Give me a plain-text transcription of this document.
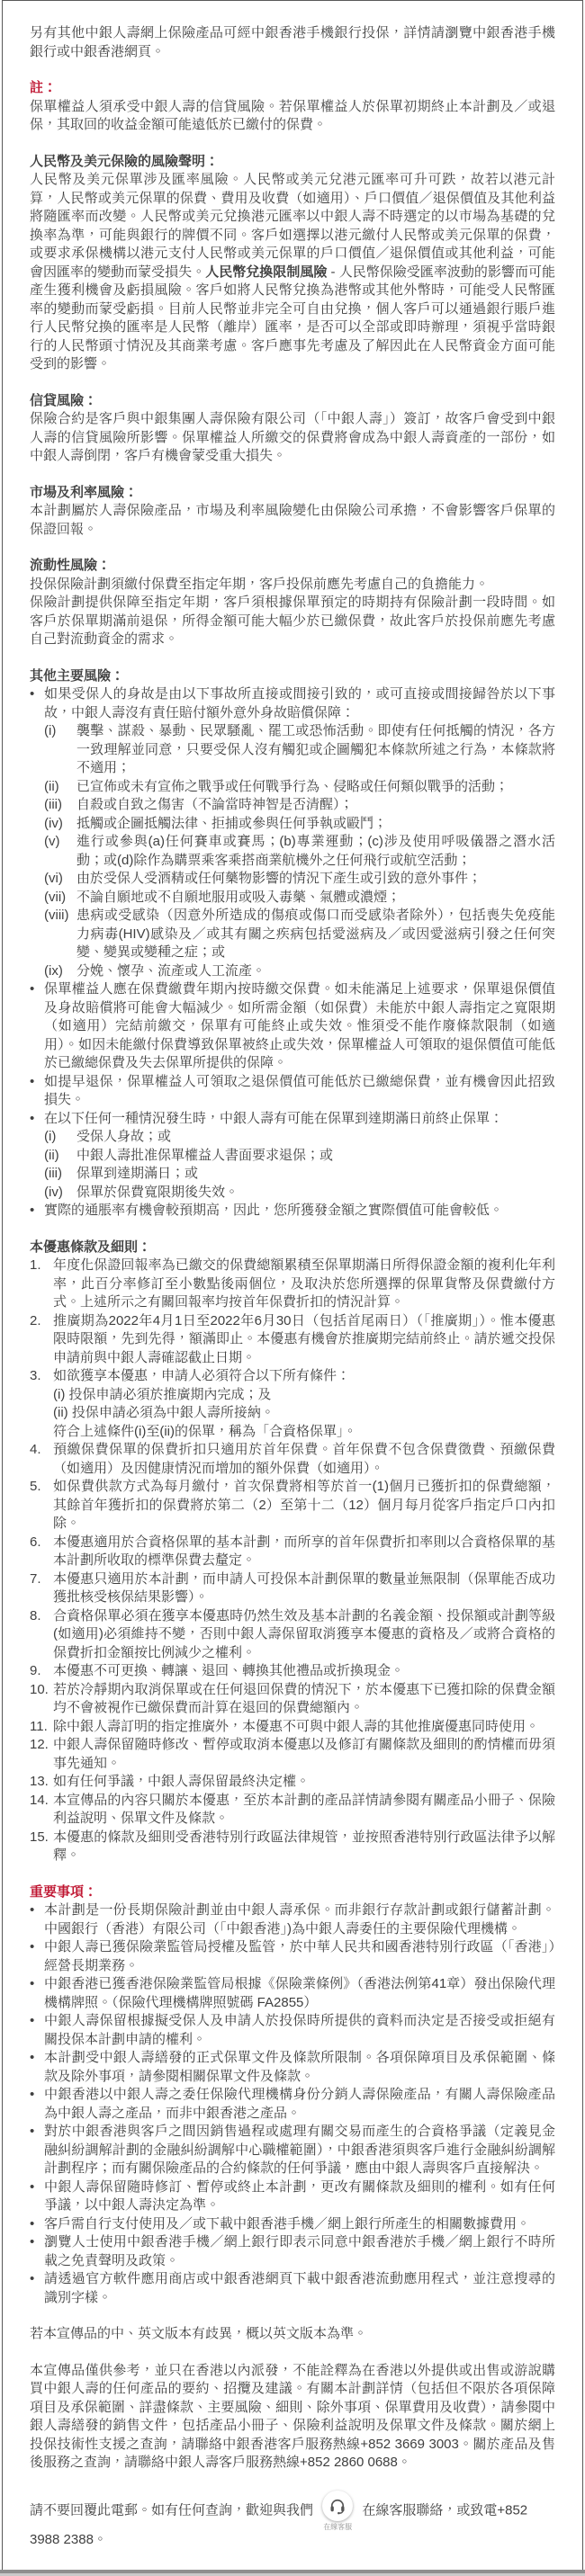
另有其他中銀人壽網上保險產品可經中銀香港手機銀行投保，詳情請瀏覽中銀香港手機銀行或中銀香港網頁。
註：
保單權益人須承受中銀人壽的信貸風險。若保單權益人於保單初期終止本計劃及／或退保，其取回的收益金額可能遠低於已繳付的保費。
人民幣及美元保險的風險聲明：
人民幣及美元保單涉及匯率風險。人民幣或美元兌港元匯率可升可跌，故若以港元計算，人民幣或美元保單的保費、費用及收費（如適用）、戶口價值／退保價值及其他利益將隨匯率而改變。人民幣或美元兌換港元匯率以中銀人壽不時選定的以市場為基礎的兌換率為準，可能與銀行的牌價不同。客戶如選擇以港元繳付人民幣或美元保單的保費，或要求承保機構以港元支付人民幣或美元保單的戶口價值／退保價值或其他利益，可能會因匯率的變動而蒙受損失。人民幣兌換限制風險 - 人民幣保險受匯率波動的影響而可能產生獲利機會及虧損風險。客戶如將人民幣兌換為港幣或其他外幣時，可能受人民幣匯率的變動而蒙受虧損。目前人民幣並非完全可自由兌換，個人客戶可以通過銀行賬戶進行人民幣兌換的匯率是人民幣（離岸）匯率，是否可以全部或即時辦理，須視乎當時銀行的人民幣頭寸情況及其商業考慮。客戶應事先考慮及了解因此在人民幣資金方面可能受到的影響。
信貸風險：
保險合約是客戶與中銀集團人壽保險有限公司（「中銀人壽」）簽訂，故客戶會受到中銀人壽的信貸風險所影響。保單權益人所繳交的保費將會成為中銀人壽資產的一部份，如中銀人壽倒閉，客戶有機會蒙受重大損失。
市場及利率風險：
本計劃屬於人壽保險產品，市場及利率風險變化由保險公司承擔，不會影響客戶保單的保證回報。
流動性風險：
投保保險計劃須繳付保費至指定年期，客戶投保前應先考慮自己的負擔能力。
保險計劃提供保障至指定年期，客戶須根據保單預定的時期持有保險計劃一段時間。如客戶於保單期滿前退保，所得金額可能大幅少於已繳保費，故此客戶於投保前應先考慮自己對流動資金的需求。
其他主要風險：
• 如果受保人的身故是由以下事故所直接或間接引致的，或可直接或間接歸咎於以下事故，中銀人壽沒有責任賠付額外意外身故賠償保障：
(i)	襲擊、謀殺、暴動、民眾騷亂、罷工或恐怖活動。即使有任何抵觸的情況，各方一致理解並同意，只要受保人沒有觸犯或企圖觸犯本條款所述之行為，本條款將不適用；
(ii)	已宣佈或未有宣佈之戰爭或任何戰爭行為、侵略或任何類似戰爭的活動；
(iii)	自殺或自致之傷害（不論當時神智是否清醒）；
(iv)	抵觸或企圖抵觸法律、拒捕或參與任何爭執或毆鬥；
(v)	進行或參與(a)任何賽車或賽馬；(b)專業運動；(c)涉及使用呼吸儀器之潛水活動；或(d)除作為購票乘客乘搭商業航機外之任何飛行或航空活動；
(vi)	由於受保人受酒精或任何藥物影響的情況下產生或引致的意外事件；
(vii) 不論自願地或不自願地服用或吸入毒藥、氣體或濃煙；
(viii) 患病或受感染（因意外所造成的傷痕或傷口而受感染者除外），包括喪失免疫能力病毒(HIV)感染及／或其有關之疾病包括愛滋病及／或因愛滋病引發之任何突變、變異或變種之症；或
(ix)	分娩、懷孕、流產或人工流產。
• 保單權益人應在保費繳費年期內按時繳交保費。如未能滿足上述要求，保單退保價值及身故賠償將可能會大幅減少。如所需金額（如保費）未能於中銀人壽指定之寬限期（如適用）完結前繳交，保單有可能終止或失效。惟須受不能作廢條款限制（如適用）。如因未能繳付保費導致保單被終止或失效，保單權益人可領取的退保價值可能低於已繳總保費及失去保單所提供的保障。
• 如提早退保，保單權益人可領取之退保價值可能低於已繳總保費，並有機會因此招致損失。
• 在以下任何一種情況發生時，中銀人壽有可能在保單到達期滿日前終止保單：
(i)	受保人身故；或
(ii)	中銀人壽批准保單權益人書面要求退保；或
(iii)	保單到達期滿日；或
(iv)	保單於保費寬限期後失效。
• 實際的通脹率有機會較預期高，因此，您所獲發金額之實際價值可能會較低。
本優惠條款及細則：
1. 年度化保證回報率為已繳交的保費總額累積至保單期滿日所得保證金額的複利化年利率，此百分率修訂至小數點後兩個位，及取決於您所選擇的保單貨幣及保費繳付方式。上述所示之有關回報率均按首年保費折扣的情況計算。
2. 推廣期為2022年4月1日至2022年6月30日（包括首尾兩日）（「推廣期」）。惟本優惠限時限額，先到先得，額滿即止。本優惠有機會於推廣期完結前終止。請於遞交投保申請前與中銀人壽確認截止日期。
3. 如欲獲享本優惠，申請人必須符合以下所有條件：
(i) 投保申請必須於推廣期內完成；及
(ii) 投保申請必須為中銀人壽所接納。
符合上述條件(i)至(ii)的保單，稱為「合資格保單」。
4. 預繳保費保單的保費折扣只適用於首年保費。首年保費不包含保費徵費、預繳保費（如適用）及因健康情況而增加的額外保費（如適用）。
5. 如保費供款方式為每月繳付，首次保費將相等於首一(1)個月已獲折扣的保費總額，其餘首年獲折扣的保費將於第二（2）至第十二（12）個月每月從客戶指定戶口內扣除。
6. 本優惠適用於合資格保單的基本計劃，而所享的首年保費折扣率則以合資格保單的基本計劃所收取的標準保費去釐定。
7. 本優惠只適用於本計劃，而申請人可投保本計劃保單的數量並無限制（保單能否成功獲批核受核保結果影響）。
8. 合資格保單必須在獲享本優惠時仍然生效及基本計劃的名義金額、投保額或計劃等級(如適用)必須維持不變，否則中銀人壽保留取消獲享本優惠的資格及／或將合資格的保費折扣金額按比例減少之權利。
9. 本優惠不可更換、轉讓、退回、轉換其他禮品或折換現金。
10. 若於冷靜期內取消保單或在任何退回保費的情況下，於本優惠下已獲扣除的保費金額均不會被視作已繳保費而計算在退回的保費總額內。
11. 除中銀人壽訂明的指定推廣外，本優惠不可與中銀人壽的其他推廣優惠同時使用。
12. 中銀人壽保留隨時修改、暫停或取消本優惠以及修訂有關條款及細則的酌情權而毋須事先通知。
13. 如有任何爭議，中銀人壽保留最終決定權。
14. 本宣傳品的內容只關於本優惠，至於本計劃的產品詳情請參閱有關產品小冊子、保險利益說明、保單文件及條款。
15. 本優惠的條款及細則受香港特別行政區法律規管，並按照香港特別行政區法律予以解釋。
重要事項：
• 本計劃是一份長期保險計劃並由中銀人壽承保。而非銀行存款計劃或銀行儲蓄計劃。中國銀行（香港）有限公司（「中銀香港」)為中銀人壽委任的主要保險代理機構。
• 中銀人壽已獲保險業監管局授權及監管，於中華人民共和國香港特別行政區（「香港」）經營長期業務。
• 中銀香港已獲香港保險業監管局根據《保險業條例》（香港法例第41章）發出保險代理機構牌照。（保險代理機構牌照號碼 FA2855）
• 中銀人壽保留根據擬受保人及申請人於投保時所提供的資料而決定是否接受或拒絕有關投保本計劃申請的權利。
• 本計劃受中銀人壽繕發的正式保單文件及條款所限制。各項保障項目及承保範圍、條款及除外事項，請參閱相關保單文件及條款。
• 中銀香港以中銀人壽之委任保險代理機構身份分銷人壽保險產品，有關人壽保險產品為中銀人壽之產品，而非中銀香港之產品。
• 對於中銀香港與客戶之間因銷售過程或處理有關交易而產生的合資格爭議（定義見金融糾紛調解計劃的金融糾紛調解中心職權範圍），中銀香港須與客戶進行金融糾紛調解計劃程序；而有關保險產品的合約條款的任何爭議，應由中銀人壽與客戶直接解決。
• 中銀人壽保留隨時修訂、暫停或終止本計劃，更改有關條款及細則的權利。如有任何爭議，以中銀人壽決定為準。
• 客戶需自行支付使用及／或下載中銀香港手機／網上銀行所產生的相關數據費用。
• 瀏覽人士使用中銀香港手機／網上銀行即表示同意中銀香港於手機／網上銀行不時所載之免責聲明及政策。
• 請透過官方軟件應用商店或中銀香港網頁下載中銀香港流動應用程式，並注意搜尋的識別字樣。
若本宣傳品的中、英文版本有歧異，概以英文版本為準。
本宣傳品僅供參考，並只在香港以內派發，不能詮釋為在香港以外提供或出售或游說購買中銀人壽的任何產品的要約、招攬及建議。有關本計劃詳情（包括但不限於各項保障項目及承保範圍、詳盡條款、主要風險、細則、除外事項、保單費用及收費），請參閱中銀人壽繕發的銷售文件，包括產品小冊子、保險利益說明及保單文件及條款。關於網上投保技術性支援之查詢，請聯絡中銀香港客戶服務熱線+852 3669 3003。關於產品及售後服務之查詢，請聯絡中銀人壽客戶服務熱線+852 2860 0688。
請不要回覆此電郵。如有任何查詢，歡迎與我們
在線客服
在線客服聯絡，或致電+852 3988 2388。
